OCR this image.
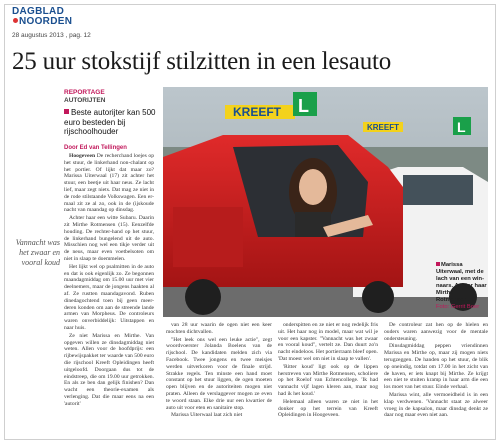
DAGBLAD
NOORDEN
28 augustus 2013 , pag. 12
25 uur stokstijf stilzitten in een lesauto
REPORTAGE
AUTORIJTEN
Beste autorijter kan 500 euro besteden bij rijschoolhouder
Door Ed van Tellingen

Hoogeveen De recherchand loejes op het stuur, de linkerhand non-chalant op het portier. Of lijkt dat maar zo? Marissa Uiterwaal (17) zit achter het stuur, een beetje uit haar neus. Ze lacht lief, maar zegt niets. Dat mag ze niet in de rode stilstaande Volkswagen. Een er-maal zit ze al zo, ook in de (ijskoude nacht van maandag op dinsdag.

Achter haar een witte Subaru. Daarin zit Mirthe Rotmensen (15). Eenzelfde houding. De rechter-hand op het stuur, de linkerhand bungelend uit de auto. Misschien nog wel een tikje verder uit de neus, maar even voetbelsoten om niet in slaap te doemmelen.

Het lijkt wel op psalmitten in de auto en dat is ook eigenlijk zo. Ze begonnen maandagmiddag om 15.00 uur met vier deelnemers, maar de jongens haakten al af. Ze rustten maandagavond. Ruben dinedagochtend toen bij geen meer-deren konden om aan de streende lande armen van Morpheus. De controleurs waren onverbiddelijk: Uitstappen en naar huis.

Ze niet Marissa en Mirthe. Van opgeven willen ze dinsdagmiddag niet weten. Allen voor de hoofdprijs: een rijbewijspakket ter waarde van 500 euro die rijschool Kreeft Opleidingen heeft uitgeloofd. Doorgaan dus tot de eindstreep, die om 19.00 uur getrokken. En als ze ben dan gelijk finishen? Dan wacht een theorie-examen als verlenging. Dat die maar eens na een 'autorit'

Vannacht was het zwaar en vooral koud
KREEFT	L
KREEFT L
Marissa Uiterwaal, met de lach van een win-naars. Achter haar Mirthe Rotmensen.
Foto: Gerrit Boer

van 28 uur waarin de ogen niet een keer mochten dichtvallen.

"Het leek ons wel een leuke actie", zegt woordvoerster Jolanda Boelens van de rijschool. De kandidaten melden zich via Facebook. Twee jongens en twee meisjes werden uitverkoren voor de finale strijd. Strakke regels. Ten minste een hand moet constant op het stuur liggen, de ogen moeten open blijven en de autoriteiten mogen niet praten. Alleen de verslaggever mogen ze even te woord staan. Elke drie uur een kwartier de auto uit voor eten en sanitaire stop.

Marissa Uiterwaal laat zich niet

onderspitten en ze niet er nog redelijk fris uit. Het haar nog in model, maar wat wil je voor een kapster. "Vannacht was het zwaar en vooral koud", vertelt ze. Dan duurt zo'n nacht eindeloos. Het portierraam bleef open. 'Dat moest wel om niet in slaap te vallen'.

'Ritter koud' ligt ook op de lippen herstreven van Mirthe Rotmensen, scholiere op het Roelof van Echtencollege. 'Ik had vannacht vijf lagen kleren aan, maar nog had ik het koud.'

Helemaal alleen waren ze niet in het donker op het terrein van Kreeft Opleidingen in Hoogeveen.

De controleur zat hen op de hielen en ouders waren aanwezig voor de mentale ondersteuning.

Dinsdagmiddag peppen vriendinnen Marissa en Mirthe op, maar zij mogen niets terugzeggen. De handen op het stuur, de blik op oneindig, totdat om 17.00 in het zicht van de haven, er iets knapt bij Mirthe. Ze krijgt een niet te stuiten kramp in haar arm die een los moet van het stuur. Einde verhaal.

Marissa wint, alle vermoeidheid is in een klap verdwenen. 'Vannacht staat ze alweer vroeg in de kapsalon, maar dinsdag denkt ze daar nog maar even niet aan.
